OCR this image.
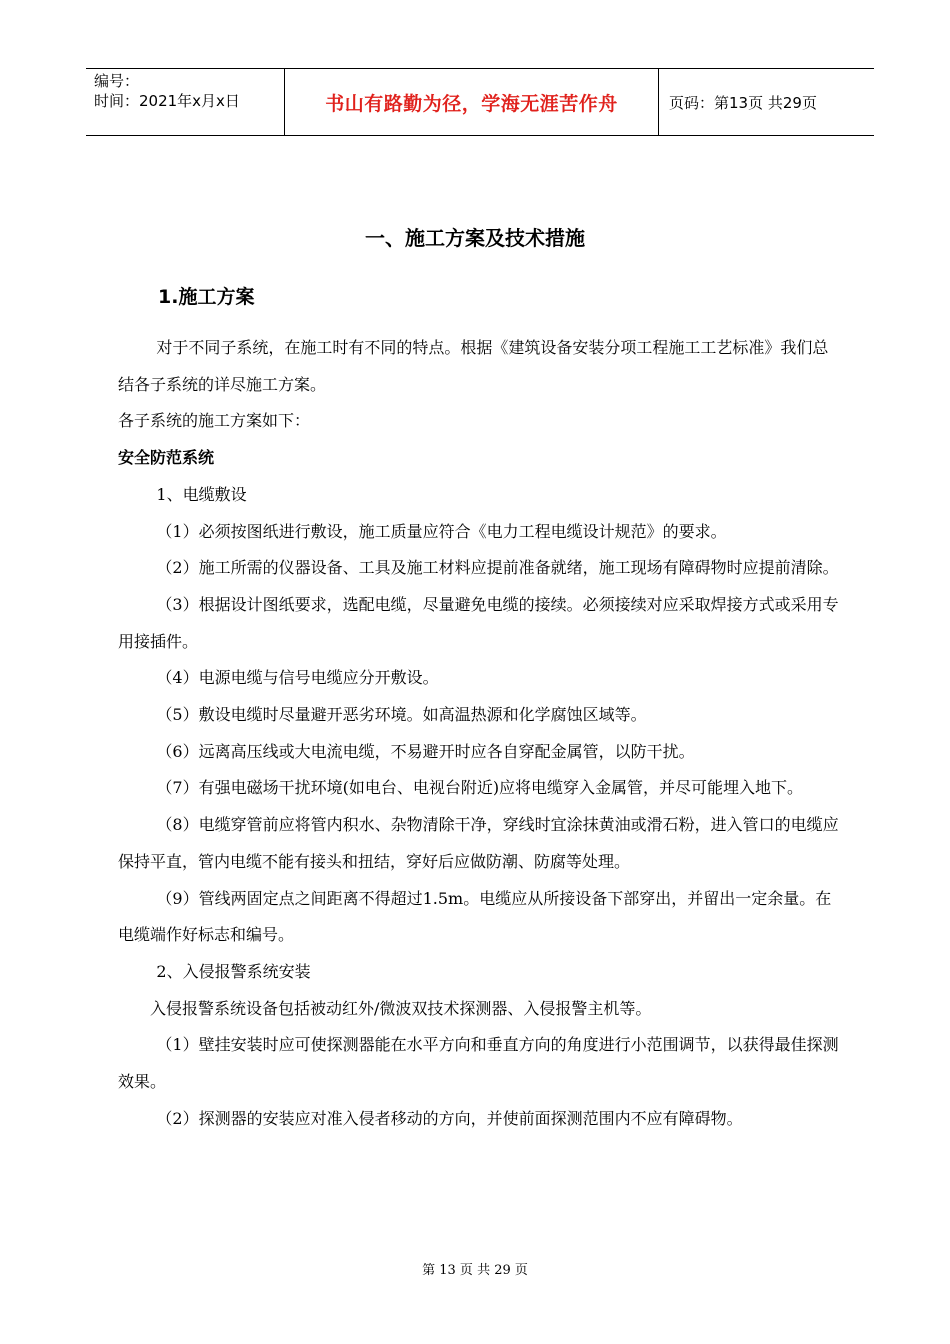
编号：
时间：2021年x月x日	书山有路勤为径，学海无涯苦作舟	页码：第13页 共29页
一、施工方案及技术措施
1.施工方案

对于不同子系统，在施工时有不同的特点。根据《建筑设备安装分项工程施工工艺标准》我们总结各子系统的详尽施工方案。

各子系统的施工方案如下：

安全防范系统

1、电缆敷设

（1）必须按图纸进行敷设，施工质量应符合《电力工程电缆设计规范》的要求。

（2）施工所需的仪器设备、工具及施工材料应提前准备就绪，施工现场有障碍物时应提前清除。

（3）根据设计图纸要求，选配电缆，尽量避免电缆的接续。必须接续对应采取焊接方式或采用专用接插件。

（4）电源电缆与信号电缆应分开敷设。

（5）敷设电缆时尽量避开恶劣环境。如高温热源和化学腐蚀区域等。

（6）远离高压线或大电流电缆，不易避开时应各自穿配金属管，以防干扰。

（7）有强电磁场干扰环境(如电台、电视台附近)应将电缆穿入金属管，并尽可能埋入地下。

（8）电缆穿管前应将管内积水、杂物清除干净，穿线时宜涂抹黄油或滑石粉，进入管口的电缆应保持平直，管内电缆不能有接头和扭结，穿好后应做防潮、防腐等处理。

（9）管线两固定点之间距离不得超过1.5m。电缆应从所接设备下部穿出，并留出一定余量。在电缆端作好标志和编号。

2、入侵报警系统安装

入侵报警系统设备包括被动红外/微波双技术探测器、入侵报警主机等。

（1）壁挂安装时应可使探测器能在水平方向和垂直方向的角度进行小范围调节，以获得最佳探测效果。

（2）探测器的安装应对准入侵者移动的方向，并使前面探测范围内不应有障碍物。

第 13 页 共 29 页
